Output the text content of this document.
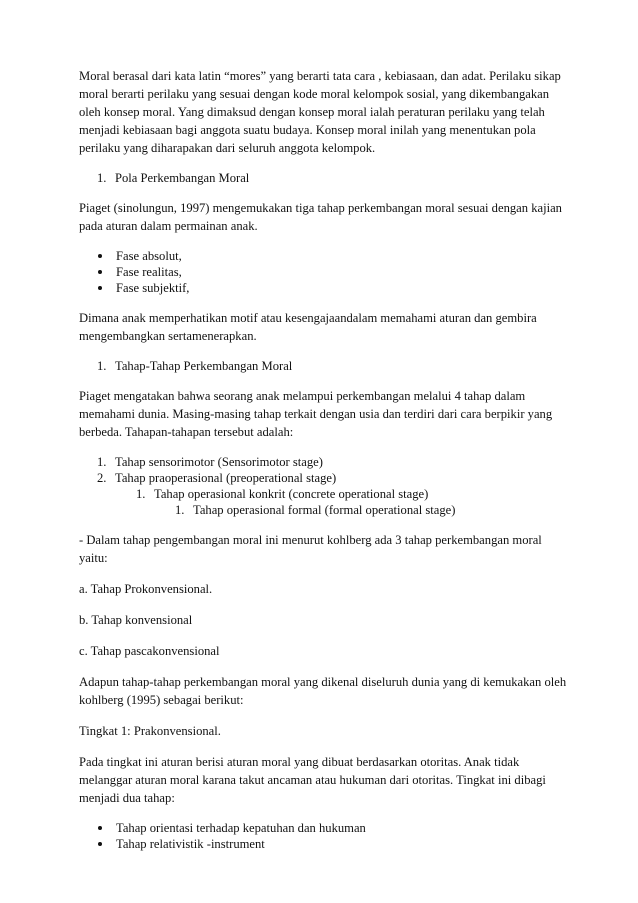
Moral berasal dari kata latin “mores” yang berarti tata cara , kebiasaan, dan adat. Perilaku sikap moral berarti perilaku yang sesuai dengan kode moral kelompok sosial, yang dikembangakan oleh konsep moral. Yang dimaksud dengan konsep moral ialah peraturan perilaku yang telah menjadi kebiasaan bagi anggota suatu budaya. Konsep moral inilah yang menentukan pola perilaku yang diharapakan dari seluruh anggota kelompok.

1. Pola Perkembangan Moral

Piaget (sinolungun, 1997) mengemukakan tiga tahap perkembangan moral sesuai dengan kajian pada aturan dalam permainan anak.

Fase absolut,
Fase realitas,
Fase subjektif,

Dimana anak memperhatikan motif atau kesengajaandalam memahami aturan dan gembira mengembangkan sertamenerapkan.

1. Tahap-Tahap Perkembangan Moral

Piaget mengatakan bahwa seorang anak melampui perkembangan melalui 4 tahap dalam memahami dunia. Masing-masing tahap terkait dengan usia dan terdiri dari cara berpikir yang berbeda. Tahapan-tahapan tersebut adalah:

1. Tahap sensorimotor (Sensorimotor stage)
2. Tahap praoperasional (preoperational stage)
1. Tahap operasional konkrit (concrete operational stage)
1. Tahap operasional formal (formal operational stage)

- Dalam tahap pengembangan moral ini menurut kohlberg ada 3 tahap perkembangan moral yaitu:

a. Tahap Prokonvensional.

b. Tahap konvensional

c. Tahap pascakonvensional

Adapun tahap-tahap perkembangan moral yang dikenal diseluruh dunia yang di kemukakan oleh kohlberg (1995) sebagai berikut:

Tingkat 1: Prakonvensional.

Pada tingkat ini aturan berisi aturan moral yang dibuat berdasarkan otoritas. Anak tidak melanggar aturan moral karana takut ancaman atau hukuman dari otoritas. Tingkat ini dibagi menjadi dua tahap:

Tahap orientasi terhadap kepatuhan dan hukuman
Tahap relativistik -instrument
